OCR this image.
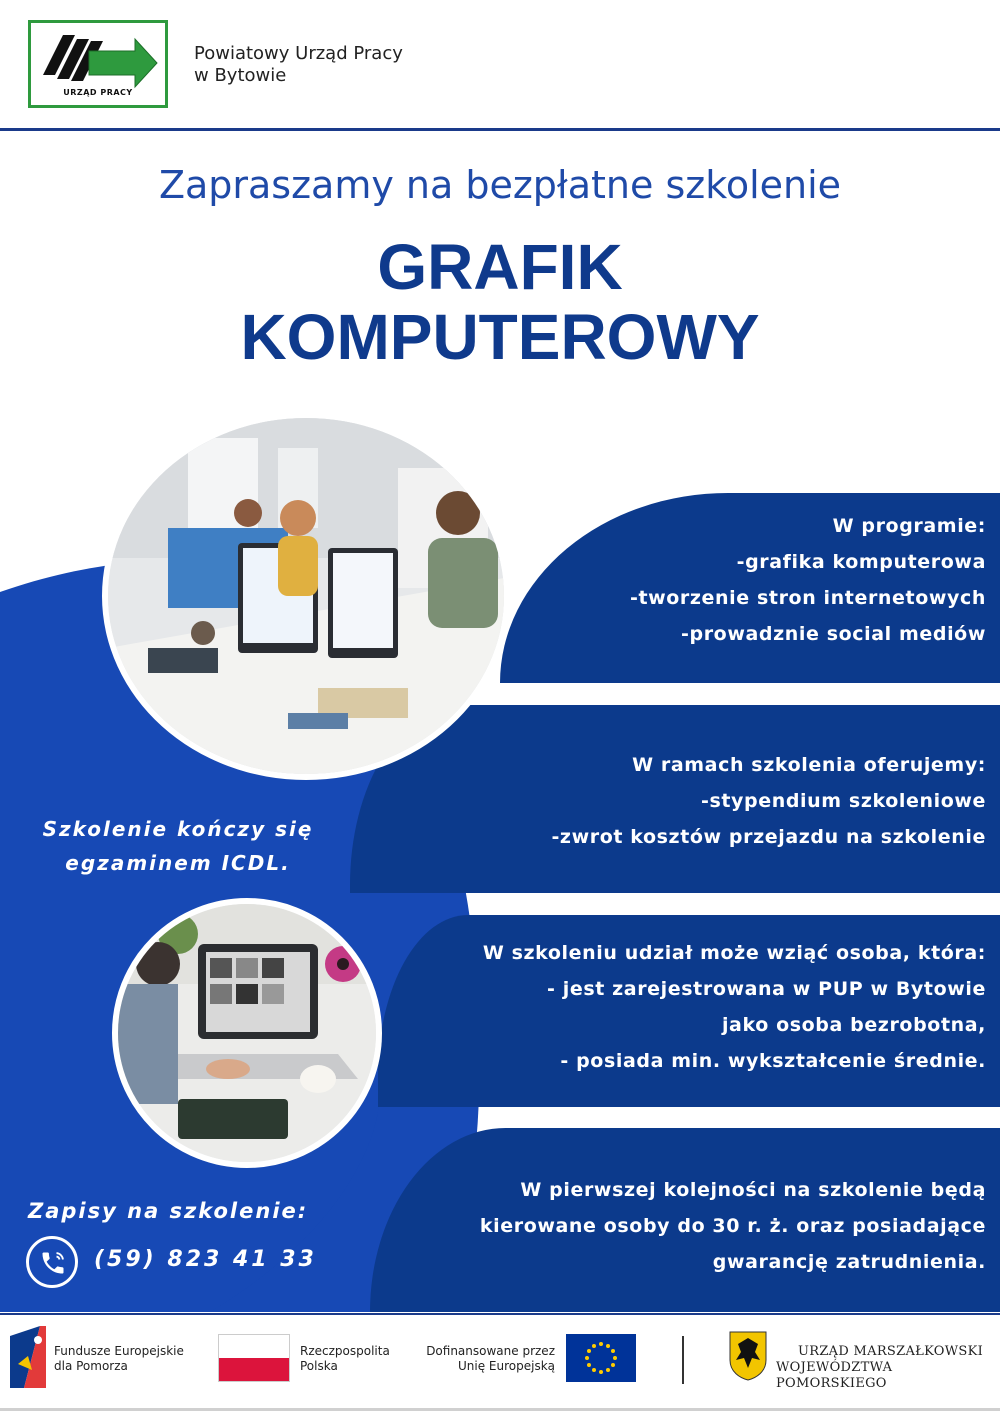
URZĄD PRACY
Powiatowy Urząd Pracy
w Bytowie
Zapraszamy na bezpłatne szkolenie
GRAFIK
KOMPUTEROWY
W programie:
-grafika komputerowa
-tworzenie stron internetowych
-prowadznie social mediów
W ramach szkolenia oferujemy:
-stypendium szkoleniowe
-zwrot kosztów przejazdu na szkolenie
W szkoleniu udział może wziąć osoba, która:
- jest zarejestrowana w PUP w Bytowie
jako osoba bezrobotna,
- posiada min. wykształcenie średnie.
W pierwszej kolejności na szkolenie będą
kierowane osoby do 30 r. ż. oraz posiadające
gwarancję zatrudnienia.
Szkolenie kończy się
egzaminem ICDL.
Zapisy na szkolenie:
(59) 823 41 33
Fundusze Europejskie
dla Pomorza
Rzeczpospolita
Polska
Dofinansowane przez
Unię Europejską
URZĄD MARSZAŁKOWSKI
WOJEWÓDZTWA POMORSKIEGO
